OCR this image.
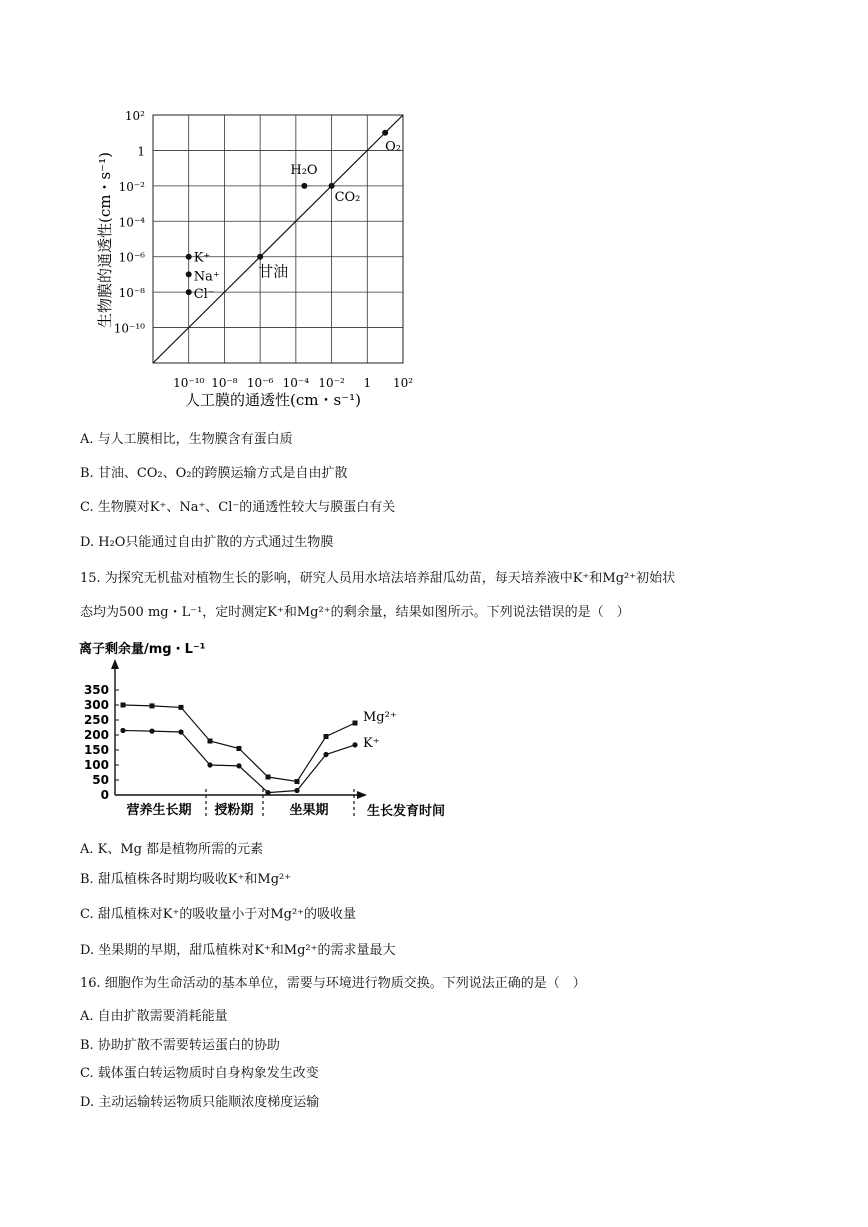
10⁻¹⁰ 10⁻⁸ 10⁻⁶ 10⁻⁴ 10⁻² 1 10²
10²
1
10⁻²
10⁻⁴
10⁻⁶
10⁻⁸
10⁻¹⁰
O₂
H₂O
CO₂
甘油
K⁺
Na⁺
Cl⁻
人工膜的通透性(cm・s⁻¹)
生物膜的通透性(cm・s⁻¹)
A. 与人工膜相比，生物膜含有蛋白质
B. 甘油、CO₂、O₂的跨膜运输方式是自由扩散
C. 生物膜对K⁺、Na⁺、Cl⁻的通透性较大与膜蛋白有关
D. H₂O只能通过自由扩散的方式通过生物膜
15. 为探究无机盐对植物生长的影响，研究人员用水培法培养甜瓜幼苗，每天培养液中K⁺和Mg²⁺初始状
态均为500 mg・L⁻¹，定时测定K⁺和Mg²⁺的剩余量，结果如图所示。下列说法错误的是（　）
0
50
100
150
200
250
300
350
营养生长期 授粉期	坐果期
Mg²⁺
K⁺
离子剩余量/mg・L⁻¹
生长发育时间
A. K、Mg 都是植物所需的元素
B. 甜瓜植株各时期均吸收K⁺和Mg²⁺
C. 甜瓜植株对K⁺的吸收量小于对Mg²⁺的吸收量
D. 坐果期的早期，甜瓜植株对K⁺和Mg²⁺的需求量最大
16. 细胞作为生命活动的基本单位，需要与环境进行物质交换。下列说法正确的是（　）
A. 自由扩散需要消耗能量
B. 协助扩散不需要转运蛋白的协助
C. 载体蛋白转运物质时自身构象发生改变
D. 主动运输转运物质只能顺浓度梯度运输
